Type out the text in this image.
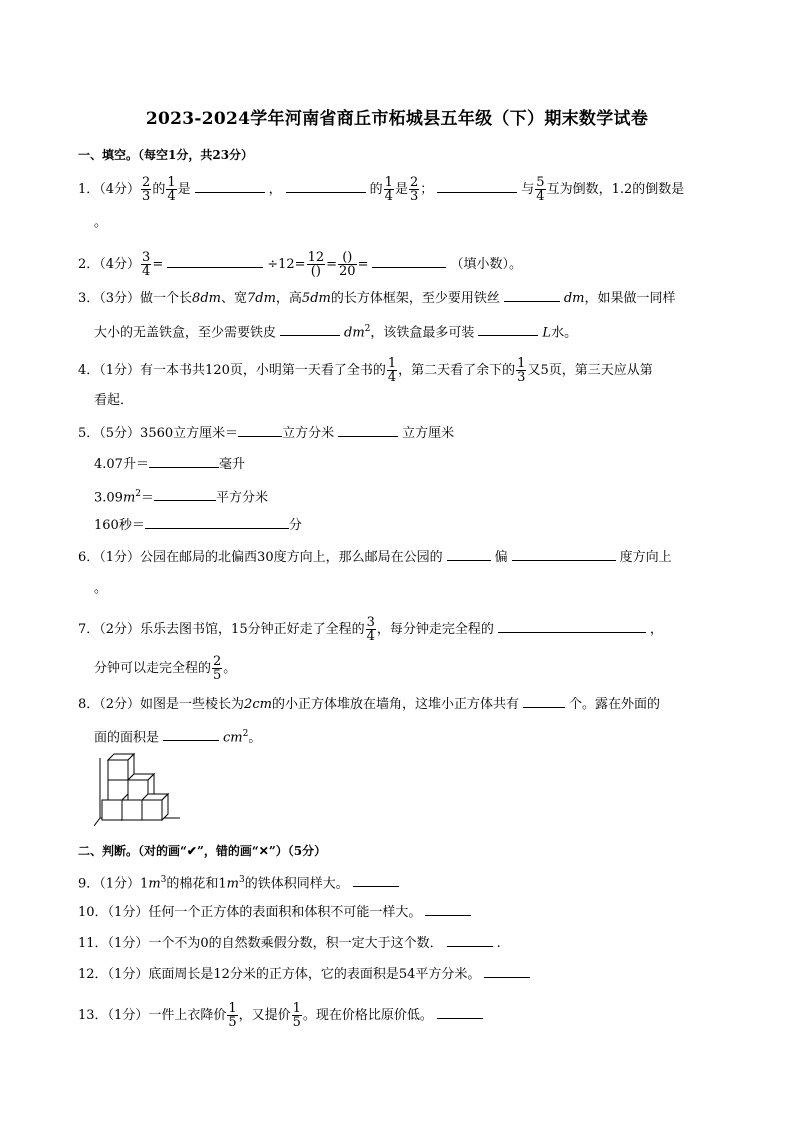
2023-2024学年河南省商丘市柘城县五年级（下）期末数学试卷
一、填空。（每空1分，共23分）
1．（4分） $\frac{2}{3}$ 的 $\frac{1}{4}$ 是	，	的 $\frac{1}{4}$ 是 $\frac{2}{3}$ ；	与 $\frac{5}{4}$ 互为倒数，1.2的倒数是
。
2．（4分） $\frac{3}{4}$ =	$\div 12= \frac{12}{()} = \frac{()}{20}$ =	（填小数）。
3．（3分）做一个长8dm、宽7dm，高5dm的长方体框架，至少要用铁丝	dm，如果做一同样
大小的无盖铁盒，至少需要铁皮	$dm^2$，该铁盒最多可装	L水。
4．（1分）有一本书共120页，小明第一天看了全书的 $\frac{1}{4}$ ，第二天看了余下的 $\frac{1}{3}$ 又5页，第三天应从第
看起．
5．（5分）3560立方厘米＝	立方分米	立方厘米
4.07升＝	毫升
$3.09m^2=$	平方分米
160秒＝	分
6．（1分）公园在邮局的北偏西30度方向上，那么邮局在公园的	偏	度方向上
。
7．（2分）乐乐去图书馆，15分钟正好走了全程的 $\frac{3}{4}$ ，每分钟走完全程的	，
分钟可以走完全程的 $\frac{2}{5}$ 。
8．（2分）如图是一些棱长为2cm的小正方体堆放在墙角，这堆小正方体共有	个。露在外面的
面的面积是	$cm^2$。
二、判断。（对的画“✔”，错的画“✕”）（5分）
9．（1分）$1m^3$的棉花和$1m^3$的铁体积同样大。
10．（1分）任何一个正方体的表面积和体积不可能一样大。
11．（1分）一个不为0的自然数乘假分数，积一定大于这个数．	.
12．（1分）底面周长是12分米的正方体，它的表面积是54平方分米。
13．（1分）一件上衣降价 $\frac{1}{5}$ ，又提价 $\frac{1}{5}$ 。现在价格比原价低。
